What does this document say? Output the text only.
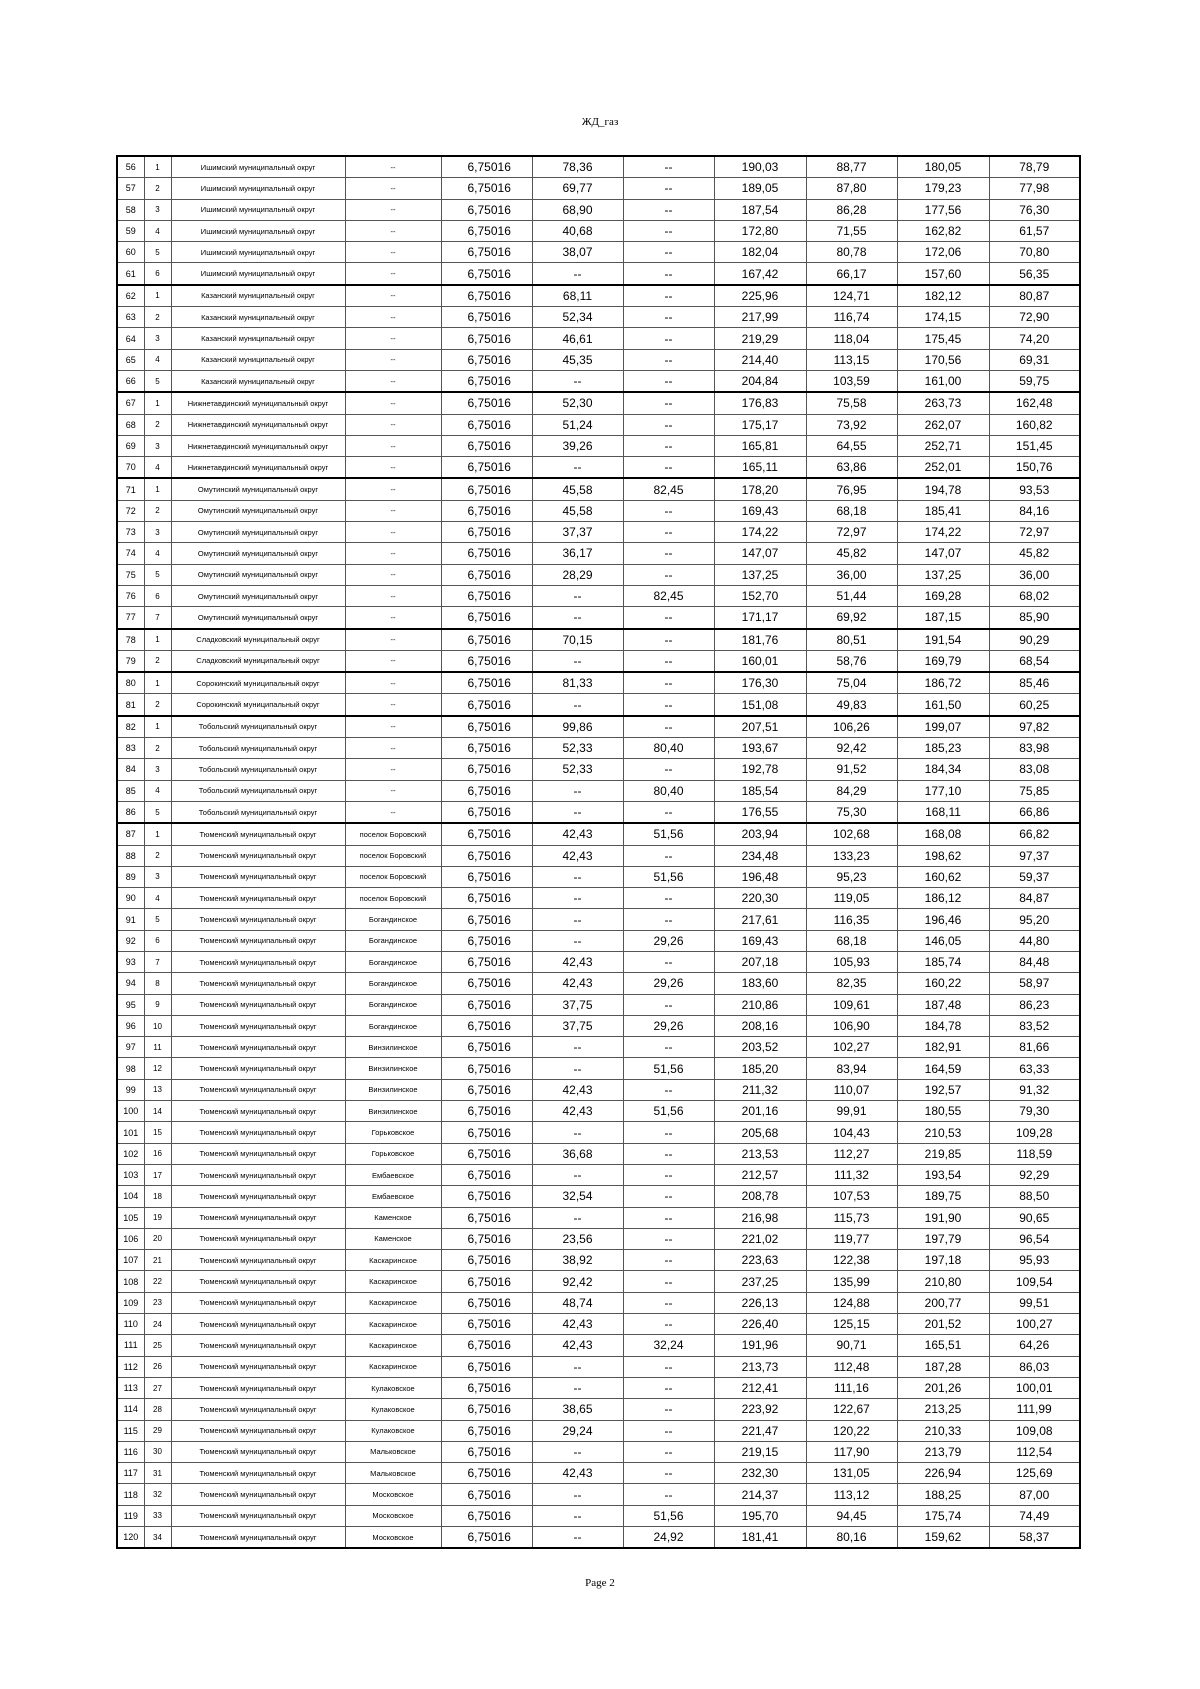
ЖД_газ
56	1	Ишимский муниципальный округ	--	6,75016	78,36	--	190,03	88,77	180,05	78,79
57	2	Ишимский муниципальный округ	--	6,75016	69,77	--	189,05	87,80	179,23	77,98
58	3	Ишимский муниципальный округ	--	6,75016	68,90	--	187,54	86,28	177,56	76,30
59	4	Ишимский муниципальный округ	--	6,75016	40,68	--	172,80	71,55	162,82	61,57
60	5	Ишимский муниципальный округ	--	6,75016	38,07	--	182,04	80,78	172,06	70,80
61	6	Ишимский муниципальный округ	--	6,75016	--	--	167,42	66,17	157,60	56,35
62	1	Казанский муниципальный округ	--	6,75016	68,11	--	225,96	124,71	182,12	80,87
63	2	Казанский муниципальный округ	--	6,75016	52,34	--	217,99	116,74	174,15	72,90
64	3	Казанский муниципальный округ	--	6,75016	46,61	--	219,29	118,04	175,45	74,20
65	4	Казанский муниципальный округ	--	6,75016	45,35	--	214,40	113,15	170,56	69,31
66	5	Казанский муниципальный округ	--	6,75016	--	--	204,84	103,59	161,00	59,75
67	1	Нижнетавдинский муниципальный округ	--	6,75016	52,30	--	176,83	75,58	263,73	162,48
68	2	Нижнетавдинский муниципальный округ	--	6,75016	51,24	--	175,17	73,92	262,07	160,82
69	3	Нижнетавдинский муниципальный округ	--	6,75016	39,26	--	165,81	64,55	252,71	151,45
70	4	Нижнетавдинский муниципальный округ	--	6,75016	--	--	165,11	63,86	252,01	150,76
71	1	Омутинский муниципальный округ	--	6,75016	45,58	82,45	178,20	76,95	194,78	93,53
72	2	Омутинский муниципальный округ	--	6,75016	45,58	--	169,43	68,18	185,41	84,16
73	3	Омутинский муниципальный округ	--	6,75016	37,37	--	174,22	72,97	174,22	72,97
74	4	Омутинский муниципальный округ	--	6,75016	36,17	--	147,07	45,82	147,07	45,82
75	5	Омутинский муниципальный округ	--	6,75016	28,29	--	137,25	36,00	137,25	36,00
76	6	Омутинский муниципальный округ	--	6,75016	--	82,45	152,70	51,44	169,28	68,02
77	7	Омутинский муниципальный округ	--	6,75016	--	--	171,17	69,92	187,15	85,90
78	1	Сладковский муниципальный округ	--	6,75016	70,15	--	181,76	80,51	191,54	90,29
79	2	Сладковский муниципальный округ	--	6,75016	--	--	160,01	58,76	169,79	68,54
80	1	Сорокинский муниципальный округ	--	6,75016	81,33	--	176,30	75,04	186,72	85,46
81	2	Сорокинский муниципальный округ	--	6,75016	--	--	151,08	49,83	161,50	60,25
82	1	Тобольский муниципальный округ	--	6,75016	99,86	--	207,51	106,26	199,07	97,82
83	2	Тобольский муниципальный округ	--	6,75016	52,33	80,40	193,67	92,42	185,23	83,98
84	3	Тобольский муниципальный округ	--	6,75016	52,33	--	192,78	91,52	184,34	83,08
85	4	Тобольский муниципальный округ	--	6,75016	--	80,40	185,54	84,29	177,10	75,85
86	5	Тобольский муниципальный округ	--	6,75016	--	--	176,55	75,30	168,11	66,86
87	1	Тюменский муниципальный округ	поселок Боровский	6,75016	42,43	51,56	203,94	102,68	168,08	66,82
88	2	Тюменский муниципальный округ	поселок Боровский	6,75016	42,43	--	234,48	133,23	198,62	97,37
89	3	Тюменский муниципальный округ	поселок Боровский	6,75016	--	51,56	196,48	95,23	160,62	59,37
90	4	Тюменский муниципальный округ	поселок Боровский	6,75016	--	--	220,30	119,05	186,12	84,87
91	5	Тюменский муниципальный округ	Богандинское	6,75016	--	--	217,61	116,35	196,46	95,20
92	6	Тюменский муниципальный округ	Богандинское	6,75016	--	29,26	169,43	68,18	146,05	44,80
93	7	Тюменский муниципальный округ	Богандинское	6,75016	42,43	--	207,18	105,93	185,74	84,48
94	8	Тюменский муниципальный округ	Богандинское	6,75016	42,43	29,26	183,60	82,35	160,22	58,97
95	9	Тюменский муниципальный округ	Богандинское	6,75016	37,75	--	210,86	109,61	187,48	86,23
96	10	Тюменский муниципальный округ	Богандинское	6,75016	37,75	29,26	208,16	106,90	184,78	83,52
97	11	Тюменский муниципальный округ	Винзилинское	6,75016	--	--	203,52	102,27	182,91	81,66
98	12	Тюменский муниципальный округ	Винзилинское	6,75016	--	51,56	185,20	83,94	164,59	63,33
99	13	Тюменский муниципальный округ	Винзилинское	6,75016	42,43	--	211,32	110,07	192,57	91,32
100	14	Тюменский муниципальный округ	Винзилинское	6,75016	42,43	51,56	201,16	99,91	180,55	79,30
101	15	Тюменский муниципальный округ	Горьковское	6,75016	--	--	205,68	104,43	210,53	109,28
102	16	Тюменский муниципальный округ	Горьковское	6,75016	36,68	--	213,53	112,27	219,85	118,59
103	17	Тюменский муниципальный округ	Ембаевское	6,75016	--	--	212,57	111,32	193,54	92,29
104	18	Тюменский муниципальный округ	Ембаевское	6,75016	32,54	--	208,78	107,53	189,75	88,50
105	19	Тюменский муниципальный округ	Каменское	6,75016	--	--	216,98	115,73	191,90	90,65
106	20	Тюменский муниципальный округ	Каменское	6,75016	23,56	--	221,02	119,77	197,79	96,54
107	21	Тюменский муниципальный округ	Каскаринское	6,75016	38,92	--	223,63	122,38	197,18	95,93
108	22	Тюменский муниципальный округ	Каскаринское	6,75016	92,42	--	237,25	135,99	210,80	109,54
109	23	Тюменский муниципальный округ	Каскаринское	6,75016	48,74	--	226,13	124,88	200,77	99,51
110	24	Тюменский муниципальный округ	Каскаринское	6,75016	42,43	--	226,40	125,15	201,52	100,27
111	25	Тюменский муниципальный округ	Каскаринское	6,75016	42,43	32,24	191,96	90,71	165,51	64,26
112	26	Тюменский муниципальный округ	Каскаринское	6,75016	--	--	213,73	112,48	187,28	86,03
113	27	Тюменский муниципальный округ	Кулаковское	6,75016	--	--	212,41	111,16	201,26	100,01
114	28	Тюменский муниципальный округ	Кулаковское	6,75016	38,65	--	223,92	122,67	213,25	111,99
115	29	Тюменский муниципальный округ	Кулаковское	6,75016	29,24	--	221,47	120,22	210,33	109,08
116	30	Тюменский муниципальный округ	Мальковское	6,75016	--	--	219,15	117,90	213,79	112,54
117	31	Тюменский муниципальный округ	Мальковское	6,75016	42,43	--	232,30	131,05	226,94	125,69
118	32	Тюменский муниципальный округ	Московское	6,75016	--	--	214,37	113,12	188,25	87,00
119	33	Тюменский муниципальный округ	Московское	6,75016	--	51,56	195,70	94,45	175,74	74,49
120	34	Тюменский муниципальный округ	Московское	6,75016	--	24,92	181,41	80,16	159,62	58,37
Page 2
